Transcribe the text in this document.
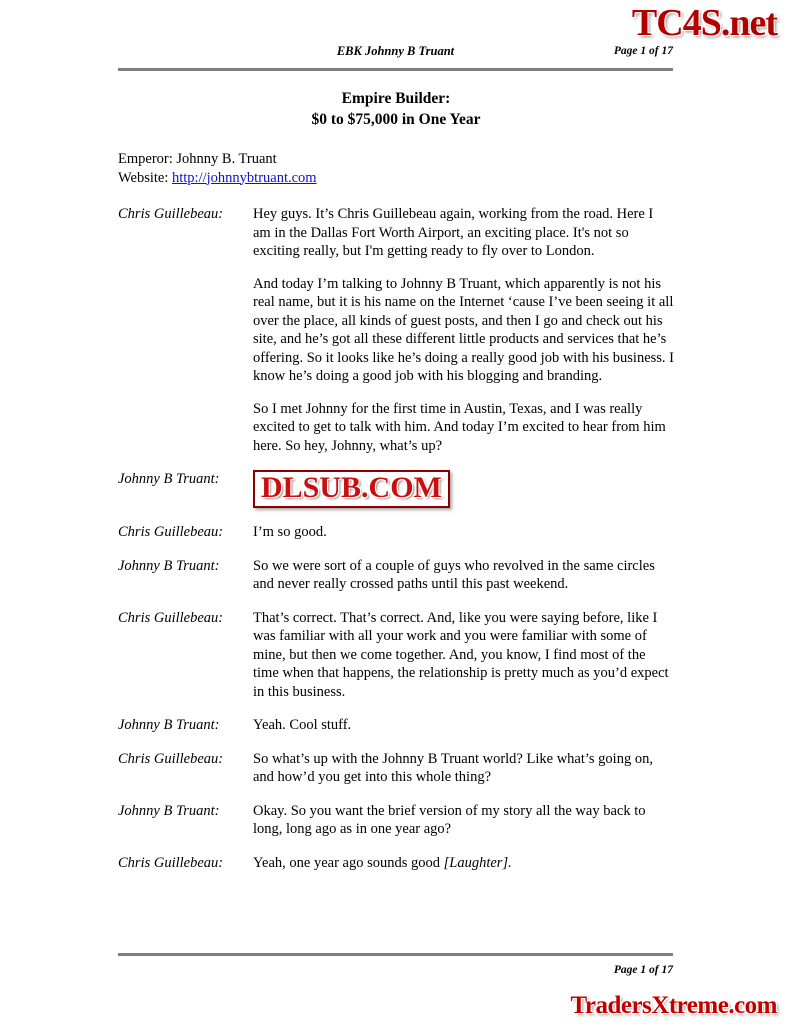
TC4S.net
EBK Johnny B Truant	Page 1 of 17
Empire Builder:
$0 to $75,000 in One Year
Emperor: Johnny B. Truant
Website: http://johnnybtruant.com
Chris Guillebeau:	Hey guys. It’s Chris Guillebeau again, working from the road. Here I am in the Dallas Fort Worth Airport, an exciting place. It's not so exciting really, but I'm getting ready to fly over to London.

And today I’m talking to Johnny B Truant, which apparently is not his real name, but it is his name on the Internet ‘cause I’ve been seeing it all over the place, all kinds of guest posts, and then I go and check out his site, and he’s got all these different little products and services that he’s offering. So it looks like he’s doing a really good job with his business. I know he’s doing a good job with his blogging and branding.

So I met Johnny for the first time in Austin, Texas, and I was really excited to get to talk with him. And today I’m excited to hear from him here. So hey, Johnny, what’s up?

Johnny B Truant:	DLSUB.COM
Chris Guillebeau:	I’m so good.

Johnny B Truant:	So we were sort of a couple of guys who revolved in the same circles and never really crossed paths until this past weekend.

Chris Guillebeau:	That’s correct. That’s correct. And, like you were saying before, like I was familiar with all your work and you were familiar with some of mine, but then we come together. And, you know, I find most of the time when that happens, the relationship is pretty much as you’d expect in this business.

Johnny B Truant:	Yeah. Cool stuff.

Chris Guillebeau:	So what’s up with the Johnny B Truant world? Like what’s going on, and how’d you get into this whole thing?

Johnny B Truant:	Okay. So you want the brief version of my story all the way back to long, long ago as in one year ago?

Chris Guillebeau:	Yeah, one year ago sounds good [Laughter].

Page 1 of 17
TradersXtreme.com
